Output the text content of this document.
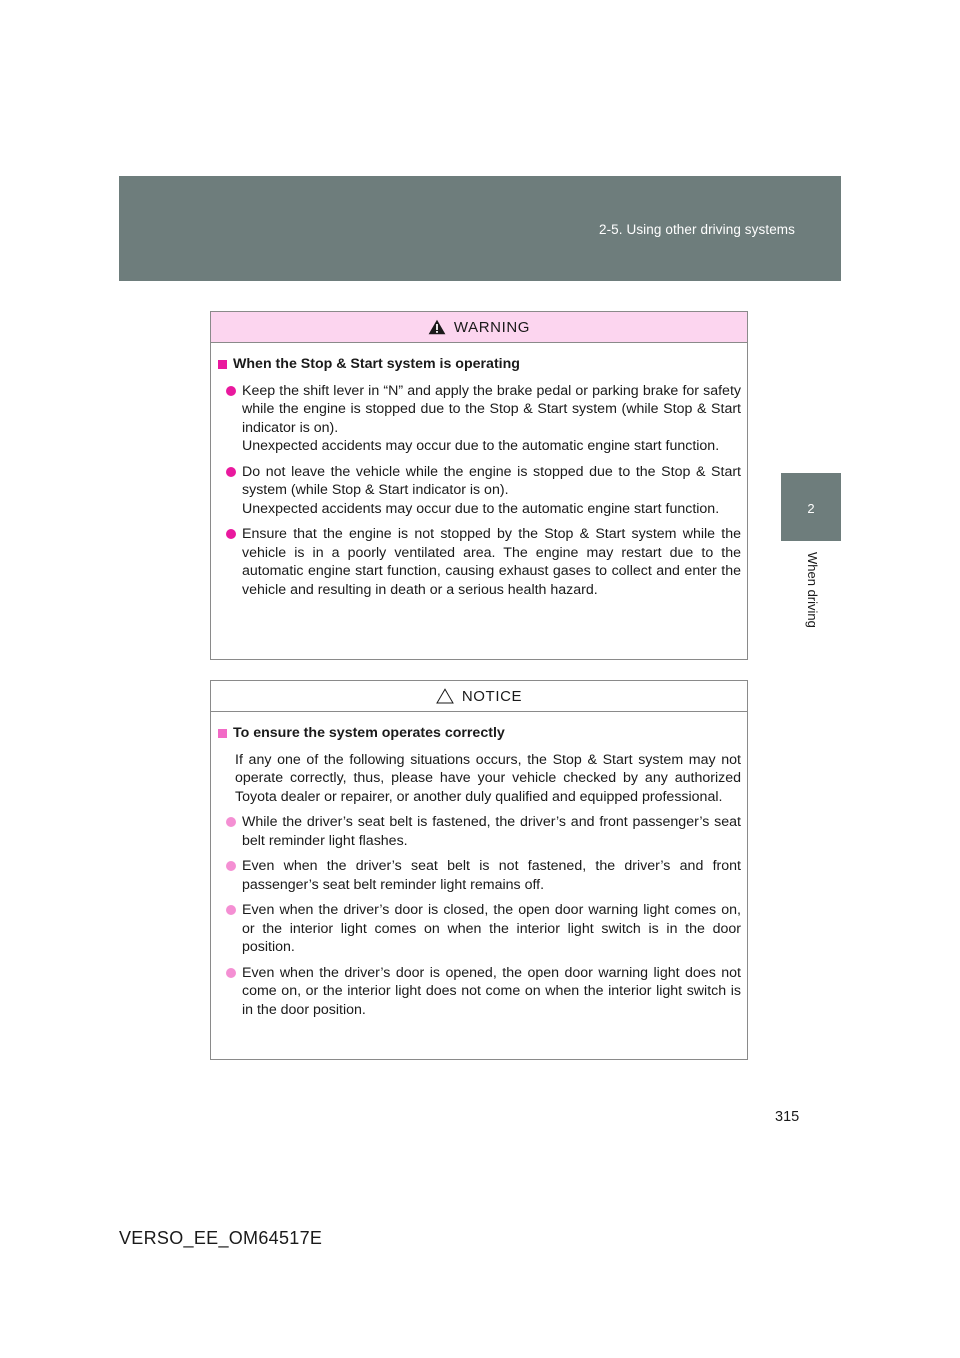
2-5. Using other driving systems
2
When driving
WARNING
When the Stop & Start system is operating

Keep the shift lever in “N” and apply the brake pedal or parking brake for safety while the engine is stopped due to the Stop & Start system (while Stop & Start indicator is on).

Unexpected accidents may occur due to the automatic engine start function.

Do not leave the vehicle while the engine is stopped due to the Stop & Start system (while Stop & Start indicator is on).

Unexpected accidents may occur due to the automatic engine start function.

Ensure that the engine is not stopped by the Stop & Start system while the vehicle is in a poorly ventilated area. The engine may restart due to the automatic engine start function, causing exhaust gases to collect and enter the vehicle and resulting in death or a serious health hazard.

NOTICE
To ensure the system operates correctly

If any one of the following situations occurs, the Stop & Start system may not operate correctly, thus, please have your vehicle checked by any authorized Toyota dealer or repairer, or another duly qualified and equipped professional.

While the driver’s seat belt is fastened, the driver’s and front passenger’s seat belt reminder light flashes.

Even when the driver’s seat belt is not fastened, the driver’s and front passenger’s seat belt reminder light remains off.

Even when the driver’s door is closed, the open door warning light comes on, or the interior light comes on when the interior light switch is in the door position.

Even when the driver’s door is opened, the open door warning light does not come on, or the interior light does not come on when the interior light switch is in the door position.

315
VERSO_EE_OM64517E
